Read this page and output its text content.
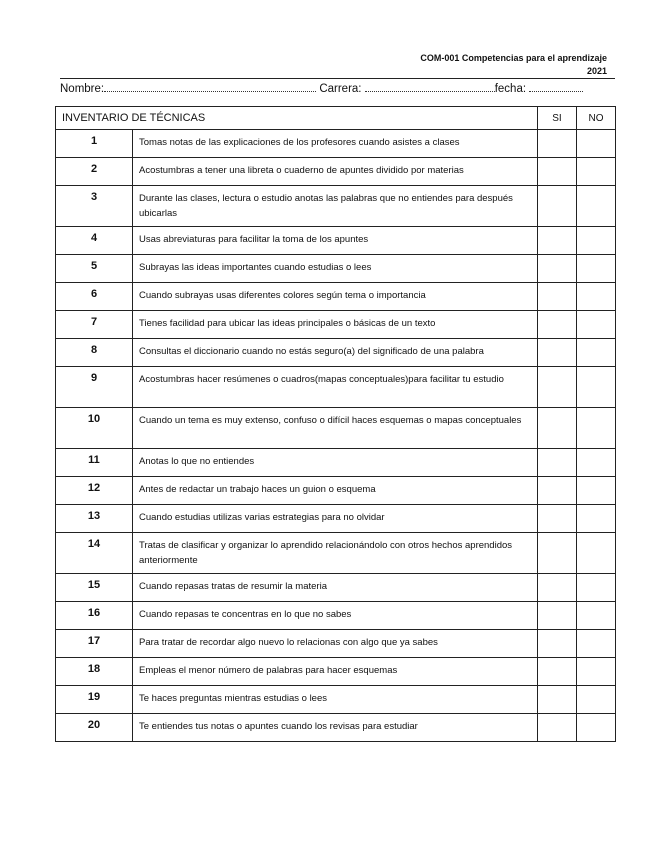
COM-001 Competencias para el aprendizaje
2021
Nombre:	Carrera:	fecha:
INVENTARIO DE TÉCNICAS		SI	NO
1	Tomas notas de las explicaciones de los profesores cuando asistes a clases		
2	Acostumbras a tener una libreta o cuaderno de apuntes dividido por materias		
3	Durante las clases, lectura o estudio anotas las palabras que no entiendes para después ubicarlas		
4	Usas abreviaturas para facilitar la toma de los apuntes		
5	Subrayas las ideas importantes cuando estudias o lees		
6	Cuando subrayas usas diferentes colores según tema o importancia		
7	Tienes facilidad para ubicar las ideas principales o básicas de un texto		
8	Consultas el diccionario cuando no estás seguro(a) del significado de una palabra		
9	Acostumbras hacer resúmenes o cuadros(mapas conceptuales)para facilitar tu estudio		
10	Cuando un tema es muy extenso, confuso o difícil haces esquemas o mapas conceptuales		
11	Anotas lo que no entiendes		
12	Antes de redactar un trabajo haces un guion o esquema		
13	Cuando estudias utilizas varias estrategias para no olvidar		
14	Tratas de clasificar y organizar lo aprendido relacionándolo con otros hechos aprendidos anteriormente		
15	Cuando repasas tratas de resumir la materia		
16	Cuando repasas te concentras en lo que no sabes		
17	Para tratar de recordar algo nuevo lo relacionas con algo que ya sabes		
18	Empleas el menor número de palabras para hacer esquemas		
19	Te haces preguntas mientras estudias o lees		
20	Te entiendes tus notas o apuntes cuando los revisas para estudiar		
